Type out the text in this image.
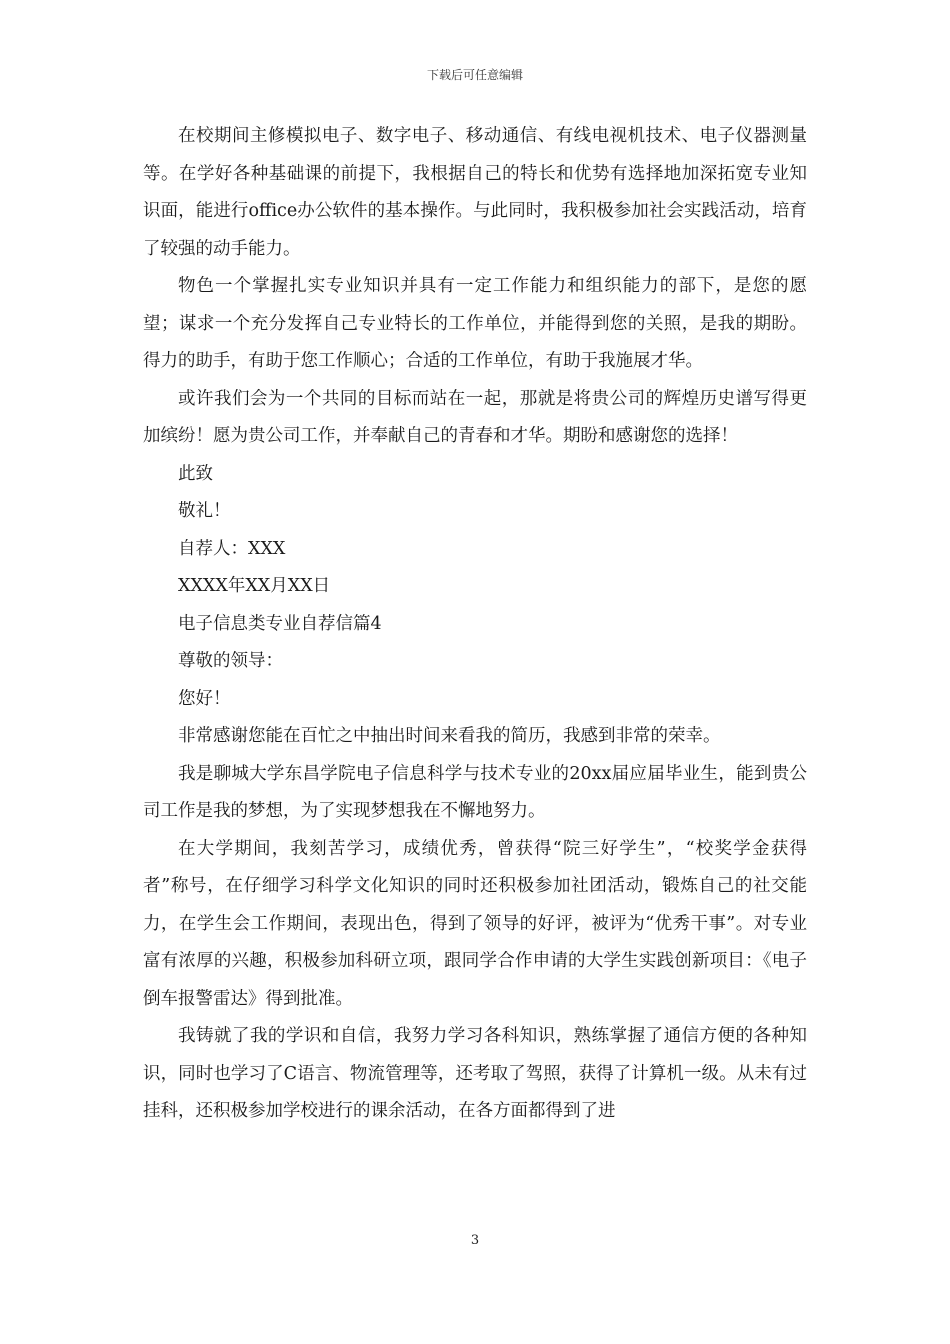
下载后可任意编辑

在校期间主修模拟电子、数字电子、移动通信、有线电视机技术、电子仪器测量等。在学好各种基础课的前提下，我根据自己的特长和优势有选择地加深拓宽专业知识面，能进行office办公软件的基本操作。与此同时，我积极参加社会实践活动，培育了较强的动手能力。

物色一个掌握扎实专业知识并具有一定工作能力和组织能力的部下，是您的愿望；谋求一个充分发挥自己专业特长的工作单位，并能得到您的关照，是我的期盼。得力的助手，有助于您工作顺心；合适的工作单位，有助于我施展才华。

或许我们会为一个共同的目标而站在一起，那就是将贵公司的辉煌历史谱写得更加缤纷！愿为贵公司工作，并奉献自己的青春和才华。期盼和感谢您的选择！

此致

敬礼！

自荐人：XXX

XXXX年XX月XX日

电子信息类专业自荐信篇4

尊敬的领导：

您好！

非常感谢您能在百忙之中抽出时间来看我的简历，我感到非常的荣幸。

我是聊城大学东昌学院电子信息科学与技术专业的20xx届应届毕业生，能到贵公司工作是我的梦想，为了实现梦想我在不懈地努力。

在大学期间，我刻苦学习，成绩优秀，曾获得“院三好学生”，“校奖学金获得者”称号，在仔细学习科学文化知识的同时还积极参加社团活动，锻炼自己的社交能力，在学生会工作期间，表现出色，得到了领导的好评，被评为“优秀干事”。对专业富有浓厚的兴趣，积极参加科研立项，跟同学合作申请的大学生实践创新项目：《电子倒车报警雷达》得到批准。

我铸就了我的学识和自信，我努力学习各科知识，熟练掌握了通信方便的各种知识，同时也学习了C语言、物流管理等，还考取了驾照，获得了计算机一级。从未有过挂科，还积极参加学校进行的课余活动，在各方面都得到了进

3
